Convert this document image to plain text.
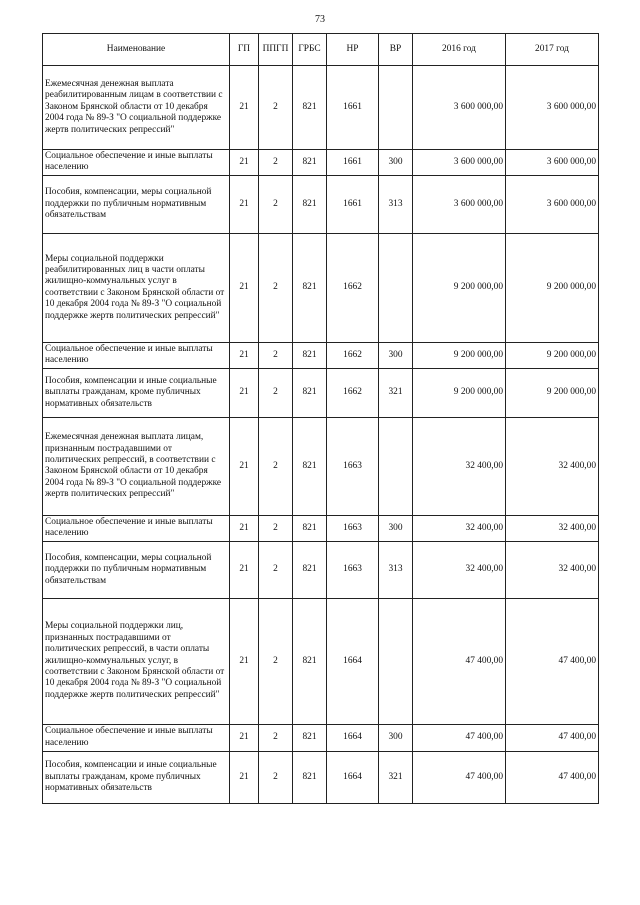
73
Наименование	ГП	ППГП	ГРБС	НР	ВР	2016 год	2017 год
Ежемесячная денежная выплата реабилитированным лицам в соответствии с Законом Брянской области от 10 декабря 2004 года № 89-З "О социальной поддержке жертв политических репрессий"	21	2	821	1661		3 600 000,00	3 600 000,00
Социальное обеспечение и иные выплаты населению	21	2	821	1661	300	3 600 000,00	3 600 000,00
Пособия, компенсации, меры социальной поддержки по публичным нормативным обязательствам	21	2	821	1661	313	3 600 000,00	3 600 000,00
Меры социальной поддержки реабилитированных лиц в части оплаты жилищно-коммунальных услуг в соответствии с Законом Брянской области от 10 декабря 2004 года № 89-З "О социальной поддержке жертв политических репрессий"	21	2	821	1662		9 200 000,00	9 200 000,00
Социальное обеспечение и иные выплаты населению	21	2	821	1662	300	9 200 000,00	9 200 000,00
Пособия, компенсации и иные социальные выплаты гражданам, кроме публичных нормативных обязательств	21	2	821	1662	321	9 200 000,00	9 200 000,00
Ежемесячная денежная выплата лицам, признанным пострадавшими от политических репрессий, в соответствии с Законом Брянской области от 10 декабря 2004 года № 89-З "О социальной поддержке жертв политических репрессий"	21	2	821	1663		32 400,00	32 400,00
Социальное обеспечение и иные выплаты населению	21	2	821	1663	300	32 400,00	32 400,00
Пособия, компенсации, меры социальной поддержки по публичным нормативным обязательствам	21	2	821	1663	313	32 400,00	32 400,00
Меры социальной поддержки лиц, признанных пострадавшими от политических репрессий, в части оплаты жилищно-коммунальных услуг, в соответствии с Законом Брянской области от 10 декабря 2004 года № 89-З "О социальной поддержке жертв политических репрессий"	21	2	821	1664		47 400,00	47 400,00
Социальное обеспечение и иные выплаты населению	21	2	821	1664	300	47 400,00	47 400,00
Пособия, компенсации и иные социальные выплаты гражданам, кроме публичных нормативных обязательств	21	2	821	1664	321	47 400,00	47 400,00
